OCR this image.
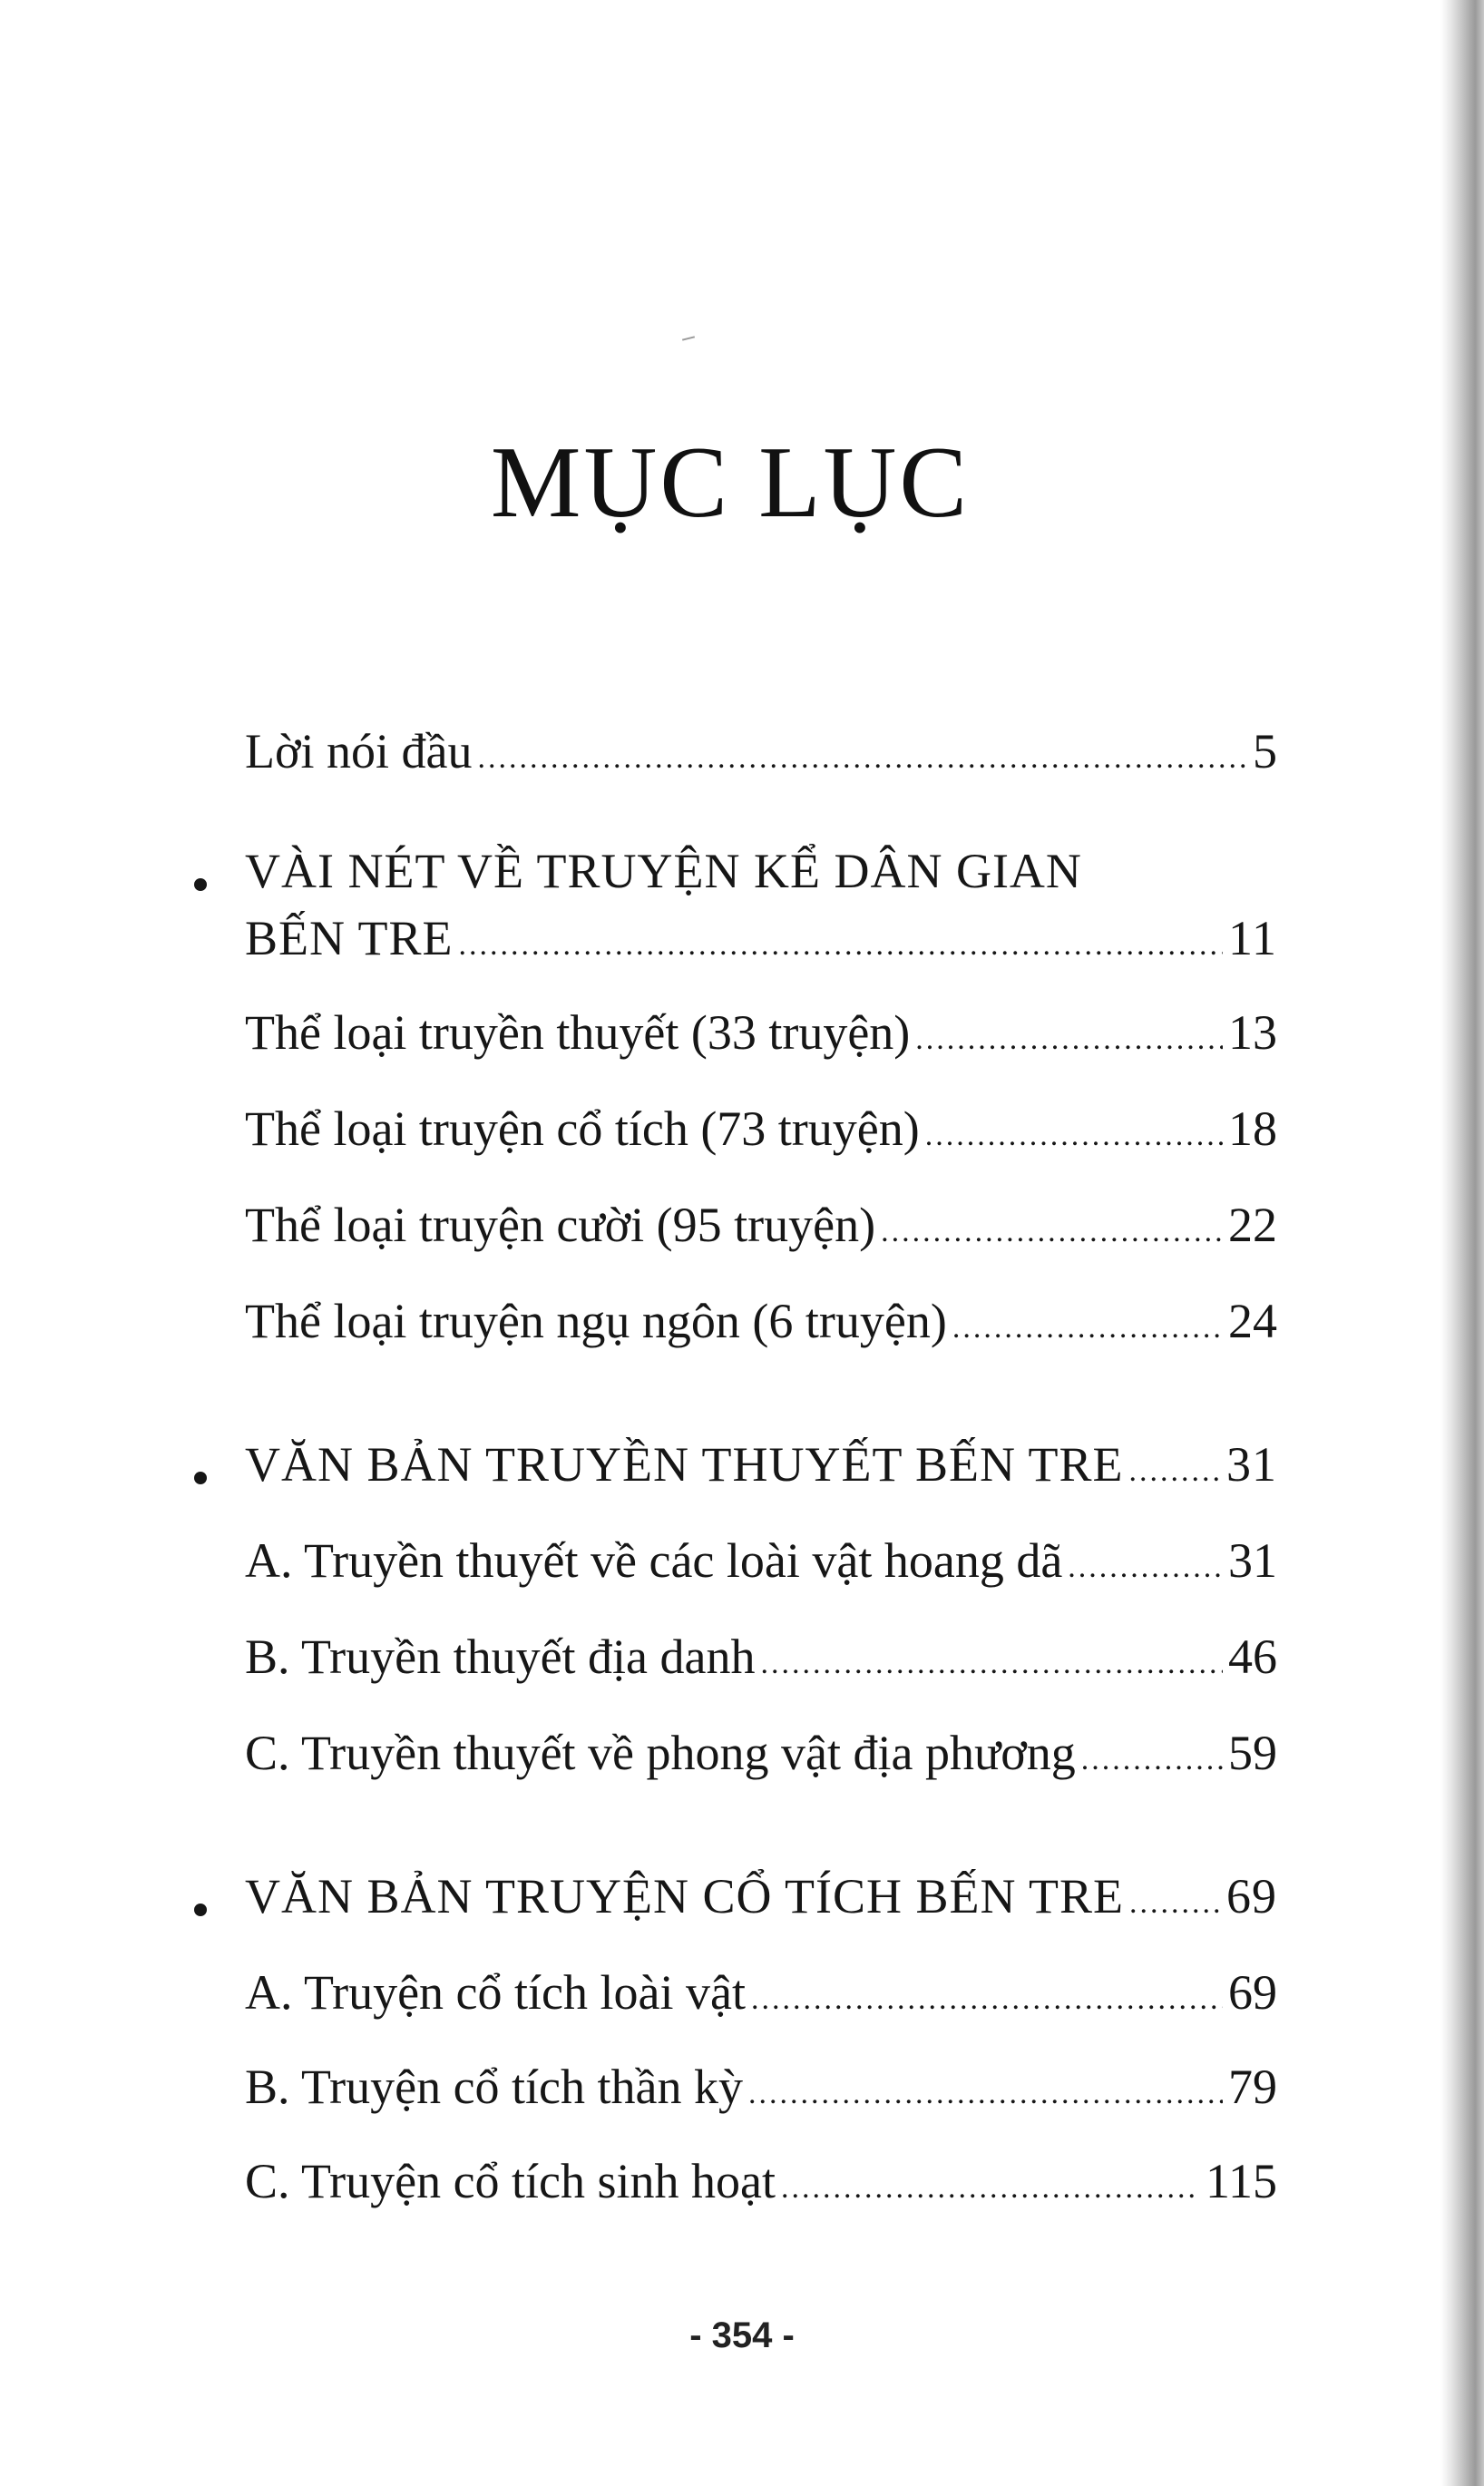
MỤC LỤC
Lời nói đầu .....	5
VÀI NÉT VỀ TRUYỆN KỂ DÂN GIAN
BẾN TRE .....	11
Thể loại truyền thuyết (33 truyện) .....	13
Thể loại truyện cổ tích (73 truyện) .....	18
Thể loại truyện cười (95 truyện) .....	22
Thể loại truyện ngụ ngôn (6 truyện) .....	24
VĂN BẢN TRUYỀN THUYẾT BẾN TRE ..... 31
A. Truyền thuyết về các loài vật hoang dã .....	31
B. Truyền thuyết địa danh .....	46
C. Truyền thuyết về phong vật địa phương .....	59
VĂN BẢN TRUYỆN CỔ TÍCH BẾN TRE ..... 69
A. Truyện cổ tích loài vật .....	69
B. Truyện cổ tích thần kỳ .....	79
C. Truyện cổ tích sinh hoạt .....	115
- 354 -
